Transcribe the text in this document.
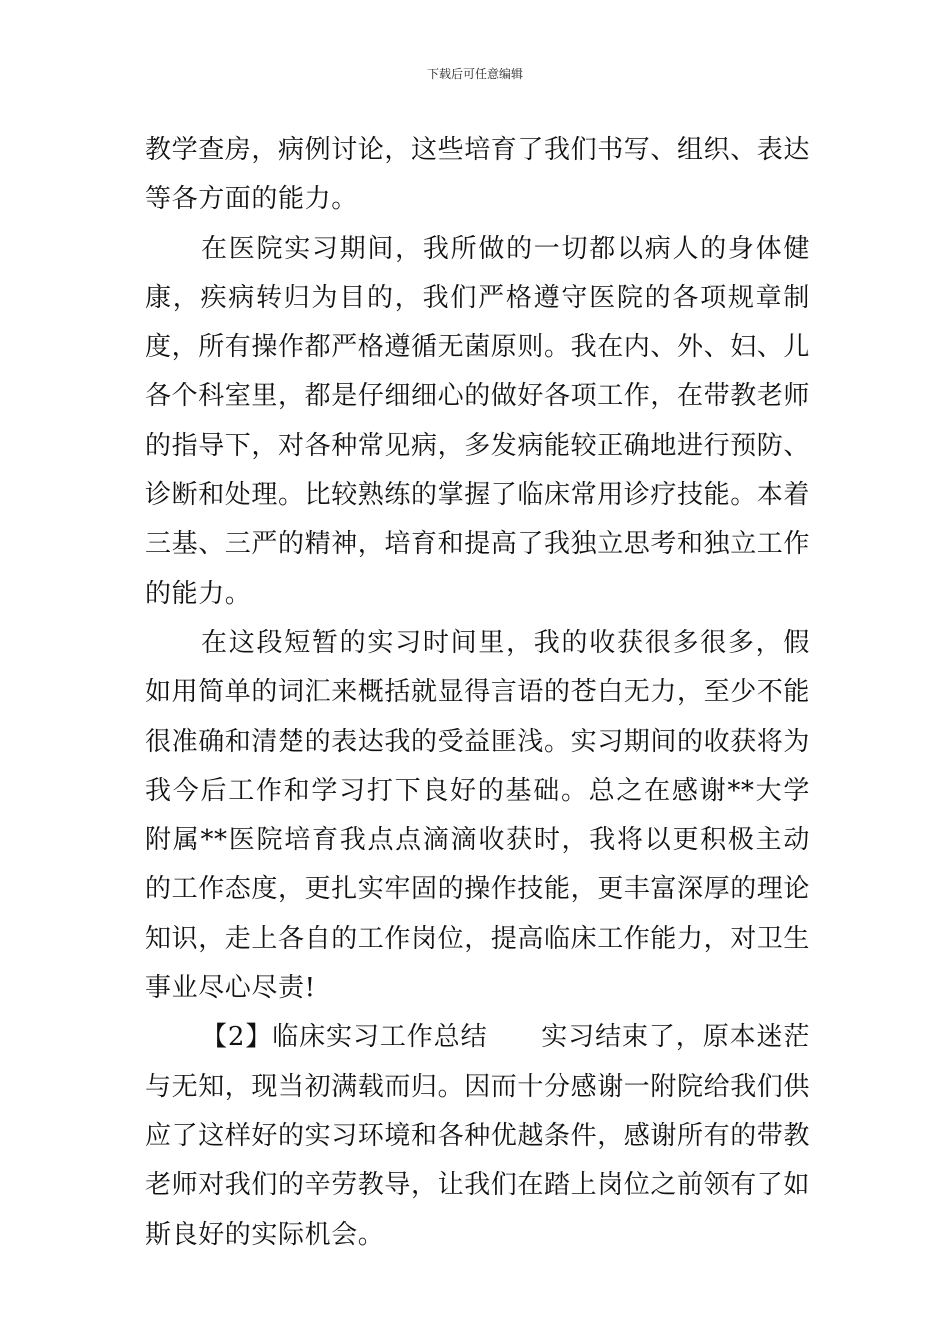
下载后可任意编辑

教学查房，病例讨论，这些培育了我们书写、组织、表达等各方面的能力。

在医院实习期间，我所做的一切都以病人的身体健康，疾病转归为目的，我们严格遵守医院的各项规章制度，所有操作都严格遵循无菌原则。我在内、外、妇、儿各个科室里，都是仔细细心的做好各项工作，在带教老师的指导下，对各种常见病，多发病能较正确地进行预防、诊断和处理。比较熟练的掌握了临床常用诊疗技能。本着三基、三严的精神，培育和提高了我独立思考和独立工作的能力。

在这段短暂的实习时间里，我的收获很多很多，假如用简单的词汇来概括就显得言语的苍白无力，至少不能很准确和清楚的表达我的受益匪浅。实习期间的收获将为我今后工作和学习打下良好的基础。总之在感谢**大学附属**医院培育我点点滴滴收获时，我将以更积极主动的工作态度，更扎实牢固的操作技能，更丰富深厚的理论知识，走上各自的工作岗位，提高临床工作能力，对卫生事业尽心尽责!

【2】临床实习工作总结　　实习结束了，原本迷茫与无知，现当初满载而归。因而十分感谢一附院给我们供应了这样好的实习环境和各种优越条件，感谢所有的带教老师对我们的辛劳教导，让我们在踏上岗位之前领有了如斯良好的实际机会。
